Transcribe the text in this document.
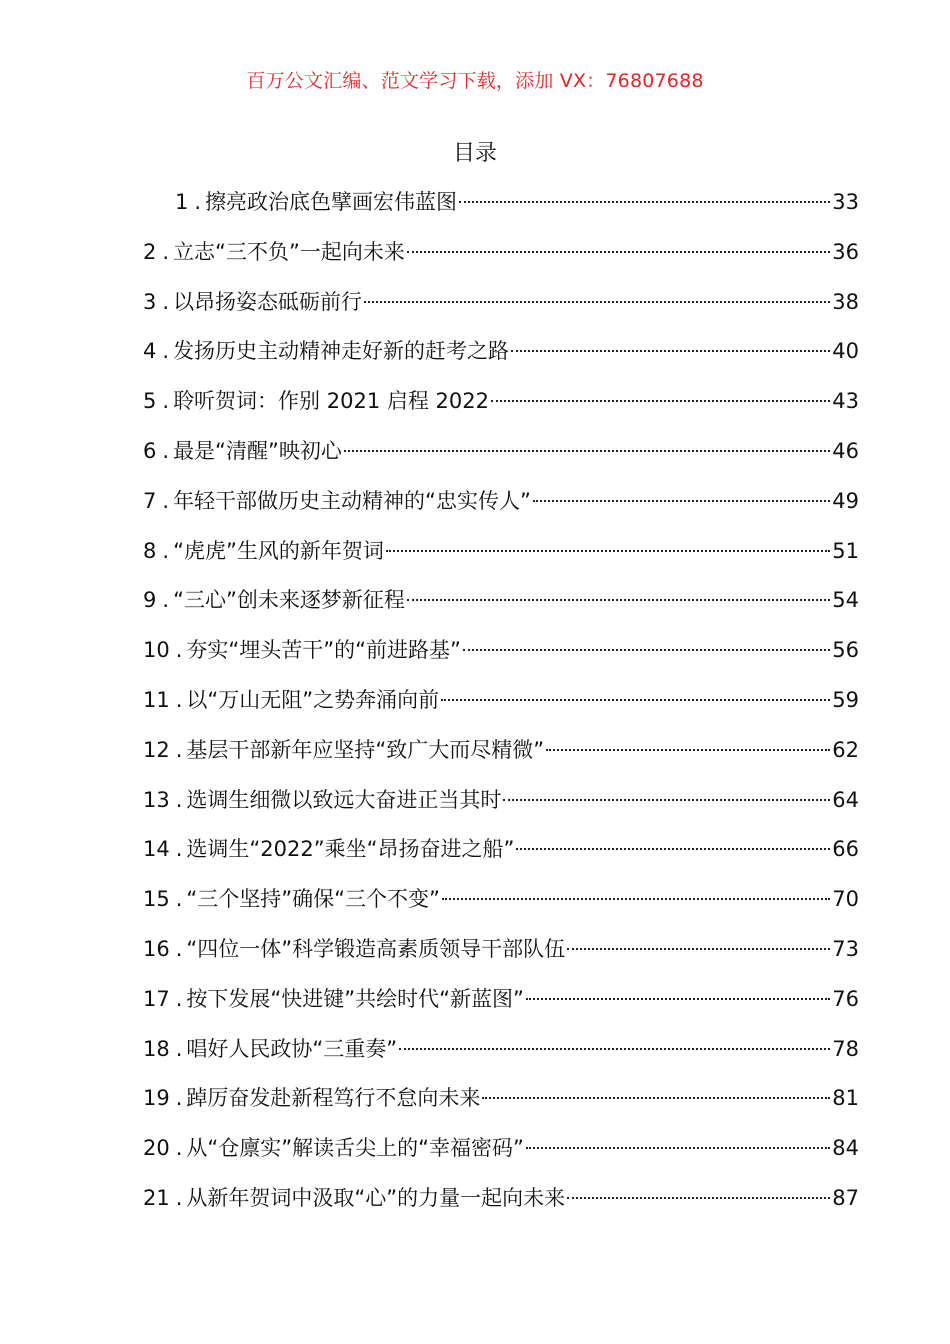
百万公文汇编、范文学习下载，添加 VX：76807688
目录
1 . 擦亮政治底色擘画宏伟蓝图	33
2 . 立志“三不负”一起向未来	36
3 . 以昂扬姿态砥砺前行	38
4 . 发扬历史主动精神走好新的赶考之路	40
5 . 聆听贺词：作别 2021 启程 2022	43
6 . 最是“清醒”映初心	46
7 . 年轻干部做历史主动精神的“忠实传人”	49
8 . “虎虎”生风的新年贺词	51
9 . “三心”创未来逐梦新征程	54
10 . 夯实“埋头苦干”的“前进路基”	56
11 . 以“万山无阻”之势奔涌向前	59
12 . 基层干部新年应坚持“致广大而尽精微”	62
13 . 选调生细微以致远大奋进正当其时	64
14 . 选调生“2022”乘坐“昂扬奋进之船”	66
15 . “三个坚持”确保“三个不变”	70
16 . “四位一体”科学锻造高素质领导干部队伍	73
17 . 按下发展“快进键”共绘时代“新蓝图”	76
18 . 唱好人民政协“三重奏”	78
19 . 踔厉奋发赴新程笃行不怠向未来	81
20 . 从“仓廪实”解读舌尖上的“幸福密码”	84
21 . 从新年贺词中汲取“心”的力量一起向未来	87
